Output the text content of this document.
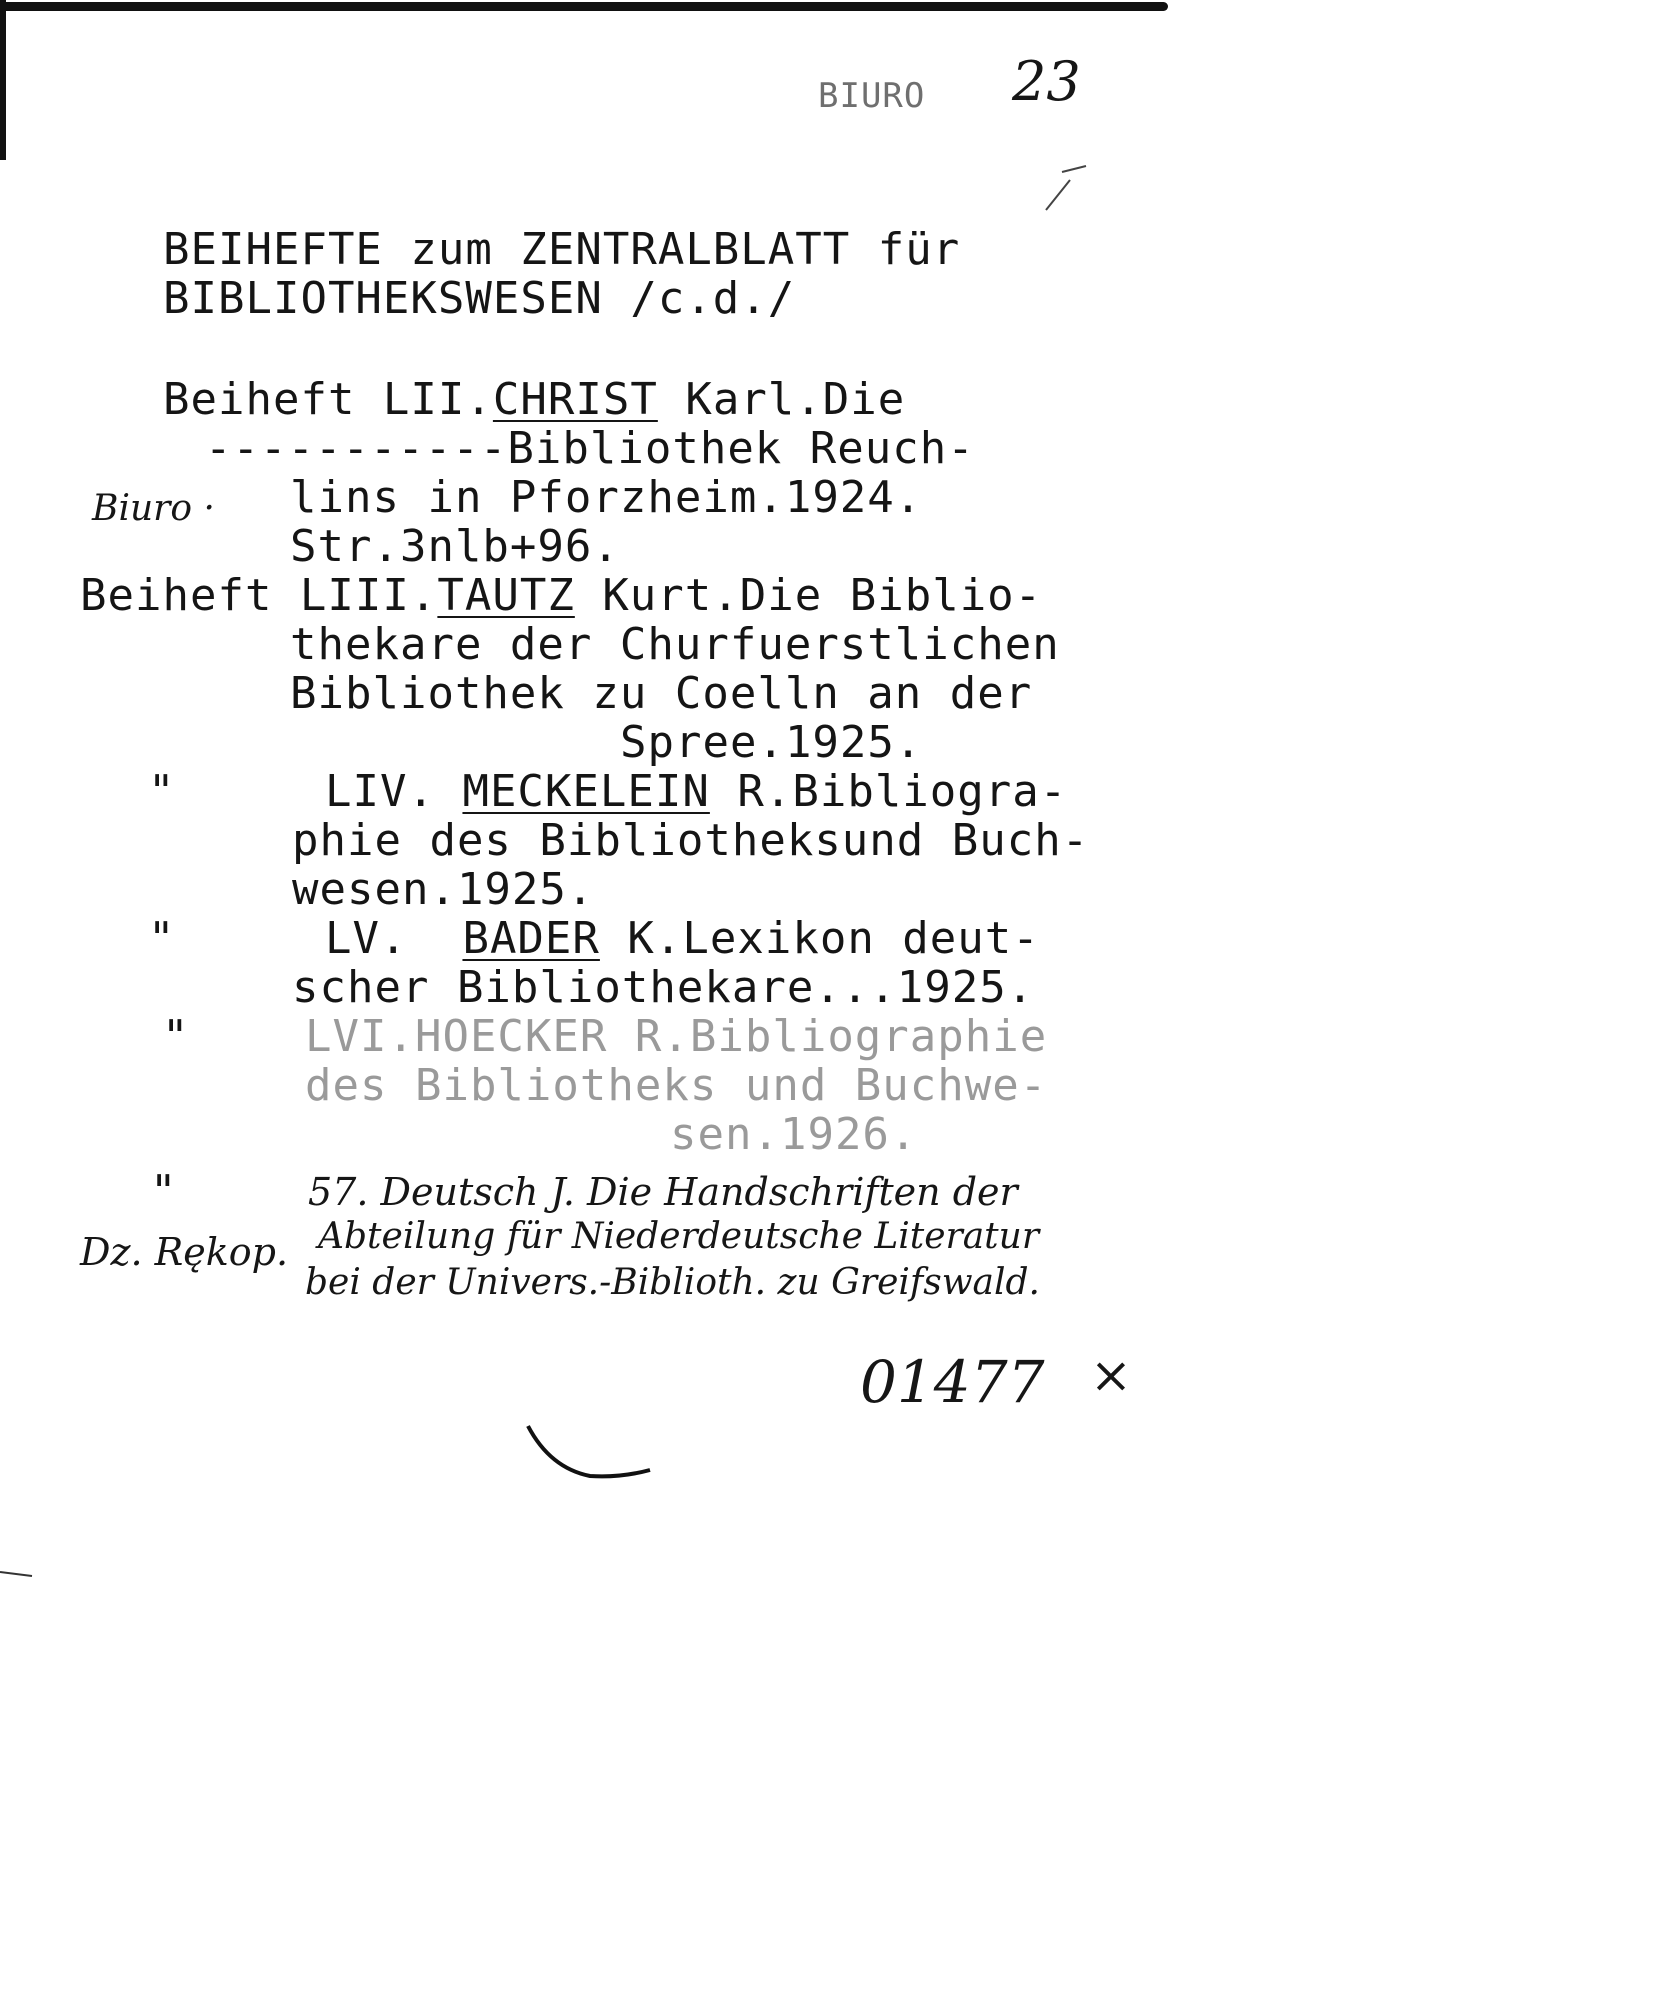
BIURO 23
BEIHEFTE zum ZENTRALBLATT für
BIBLIOTHEKSWESEN /c.d./
Beiheft LII.CHRIST Karl.Die
-----------Bibliothek Reuch-
Biuro · lins in Pforzheim.1924.
Str.3nlb+96.
Beiheft LIII.TAUTZ Kurt.Die Biblio-
thekare der Churfuerstlichen
Bibliothek zu Coelln an der
Spree.1925.
"	LIV. MECKELEIN R.Bibliogra-
phie des Bibliotheksund Buch-
wesen.1925.
"	LV.  BADER K.Lexikon deut-
scher Bibliothekare...1925.
"	LVI.HOECKER R.Bibliographie
des Bibliotheks und Buchwe-
sen.1926.
"	57. Deutsch J. Die Handschriften der
Dz. Rękop. Abteilung für Niederdeutsche Literatur
bei der Univers.-Biblioth. zu Greifswald.
01477 ×
